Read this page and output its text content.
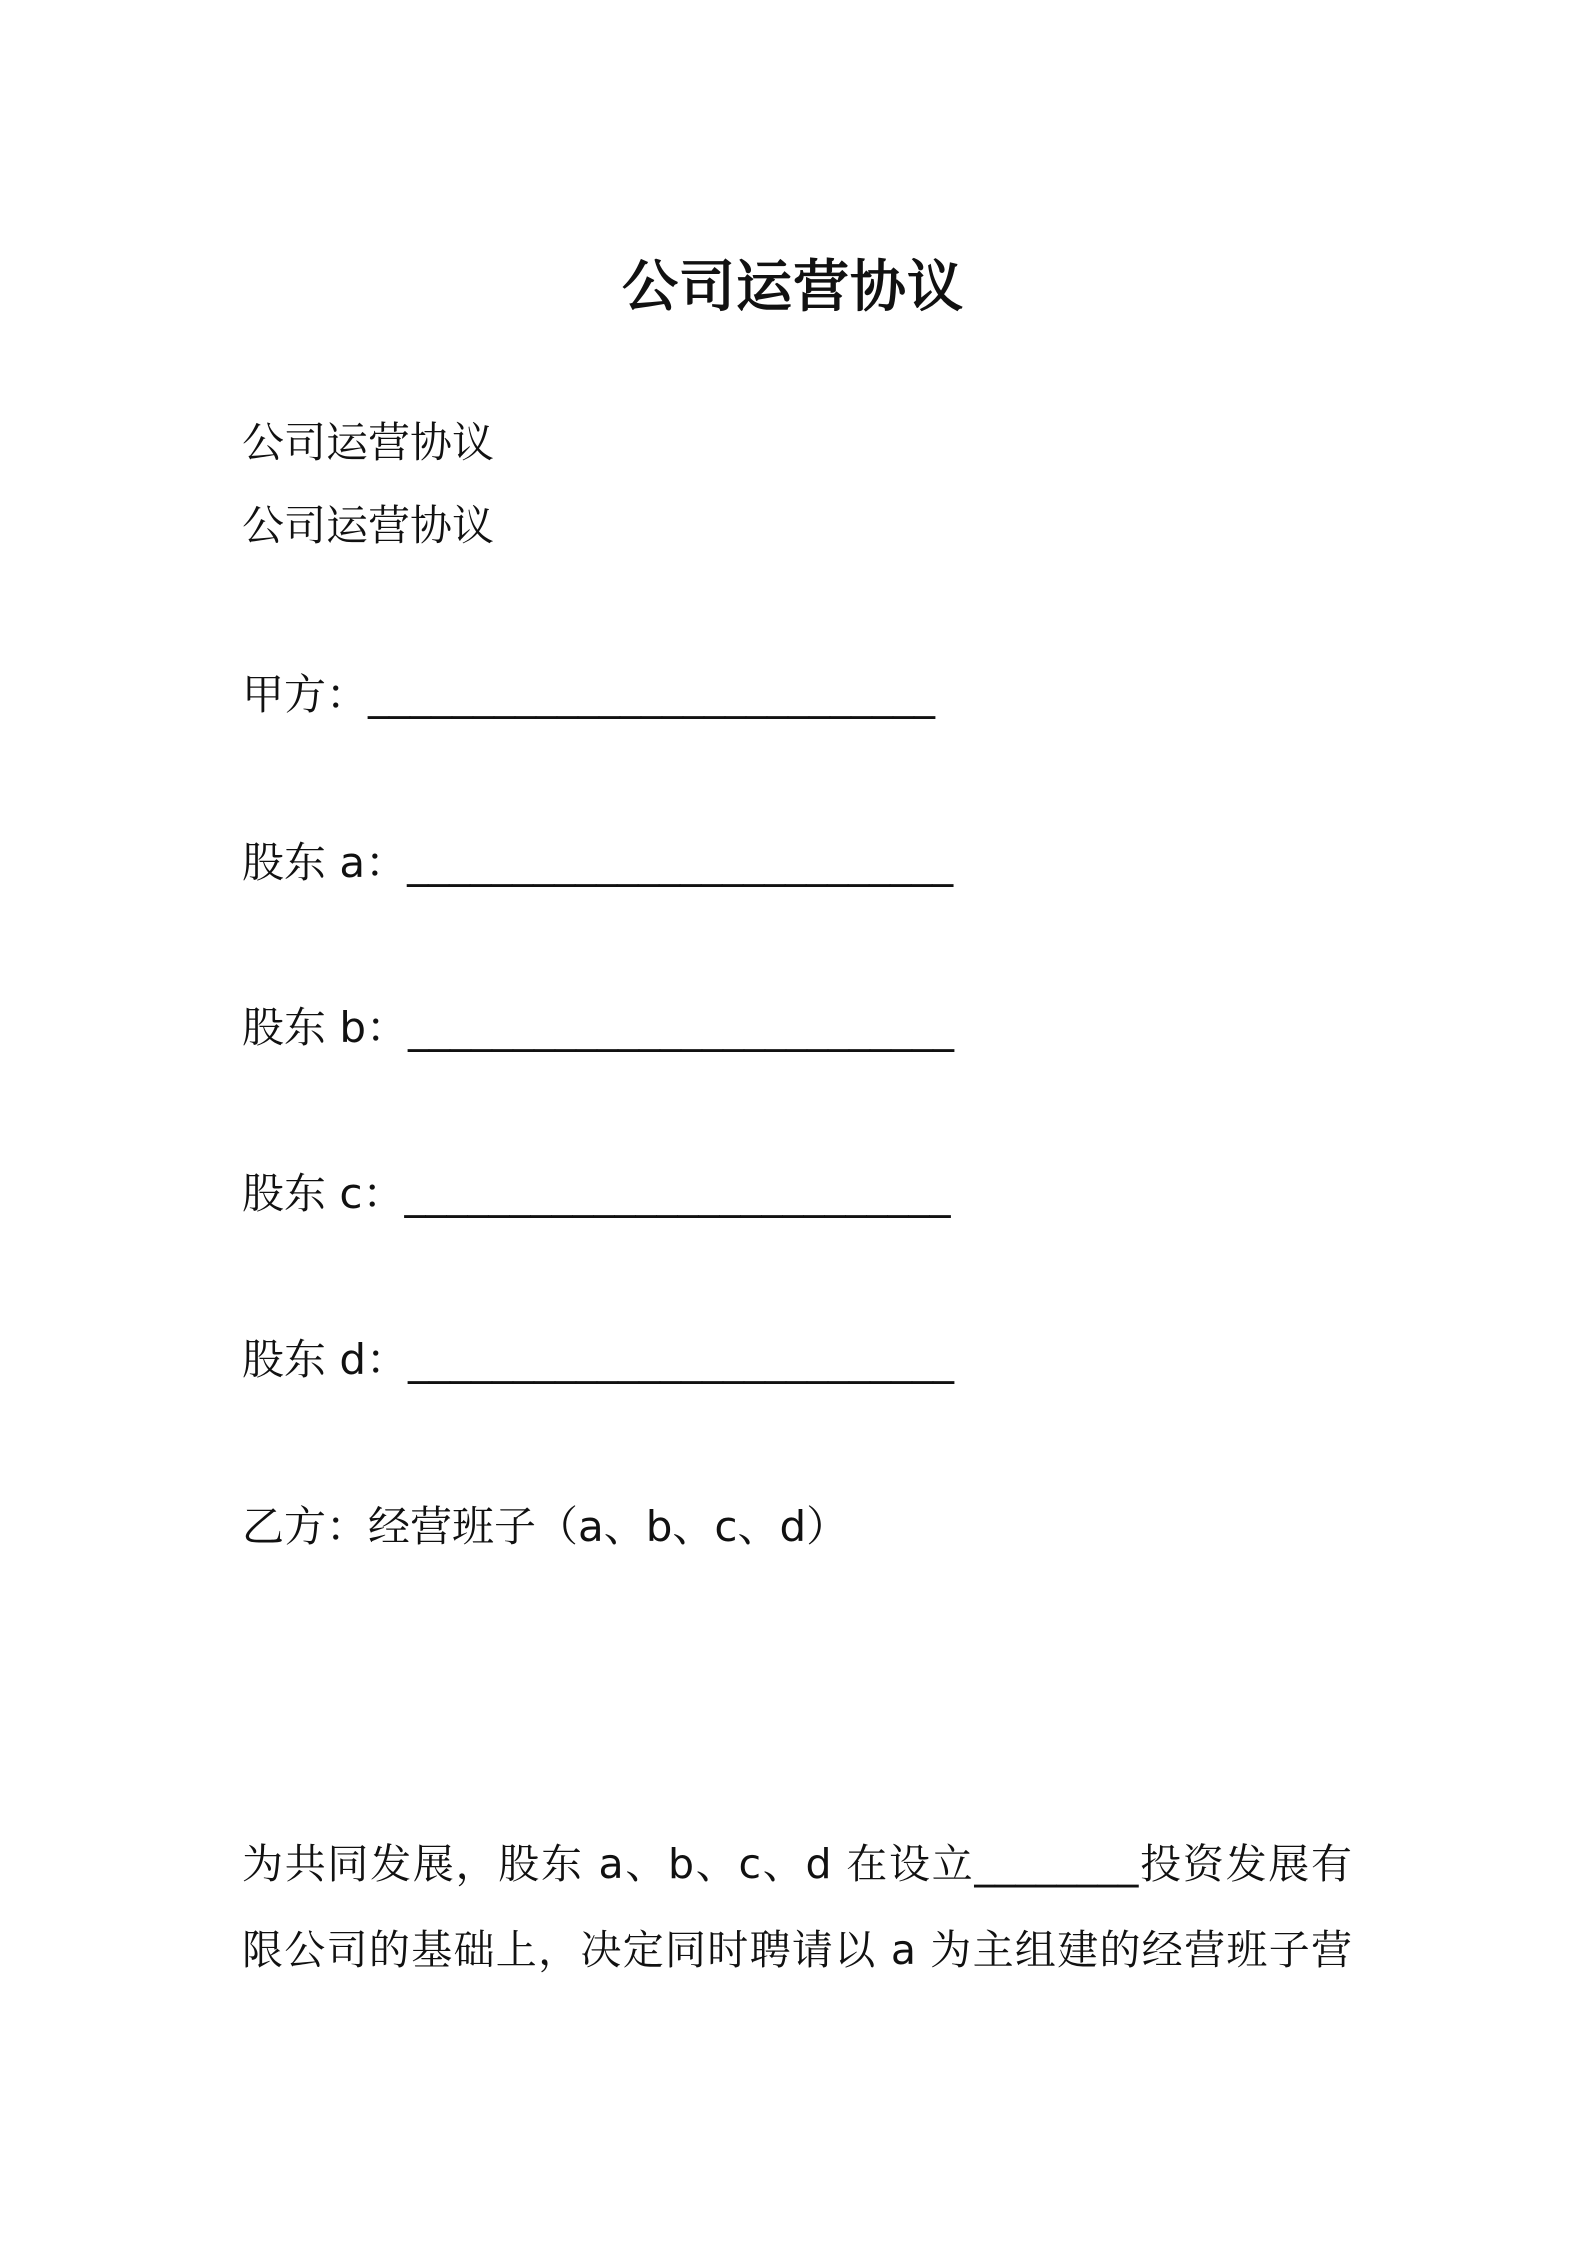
公司运营协议
公司运营协议
公司运营协议
甲方：___________________________
股东 a：__________________________
股东 b：__________________________
股东 c：__________________________
股东 d：__________________________
乙方：经营班子（a、b、c、d）
为共同发展，股东 a、b、c、d 在设立________投资发展有
限公司的基础上，决定同时聘请以 a 为主组建的经营班子营
